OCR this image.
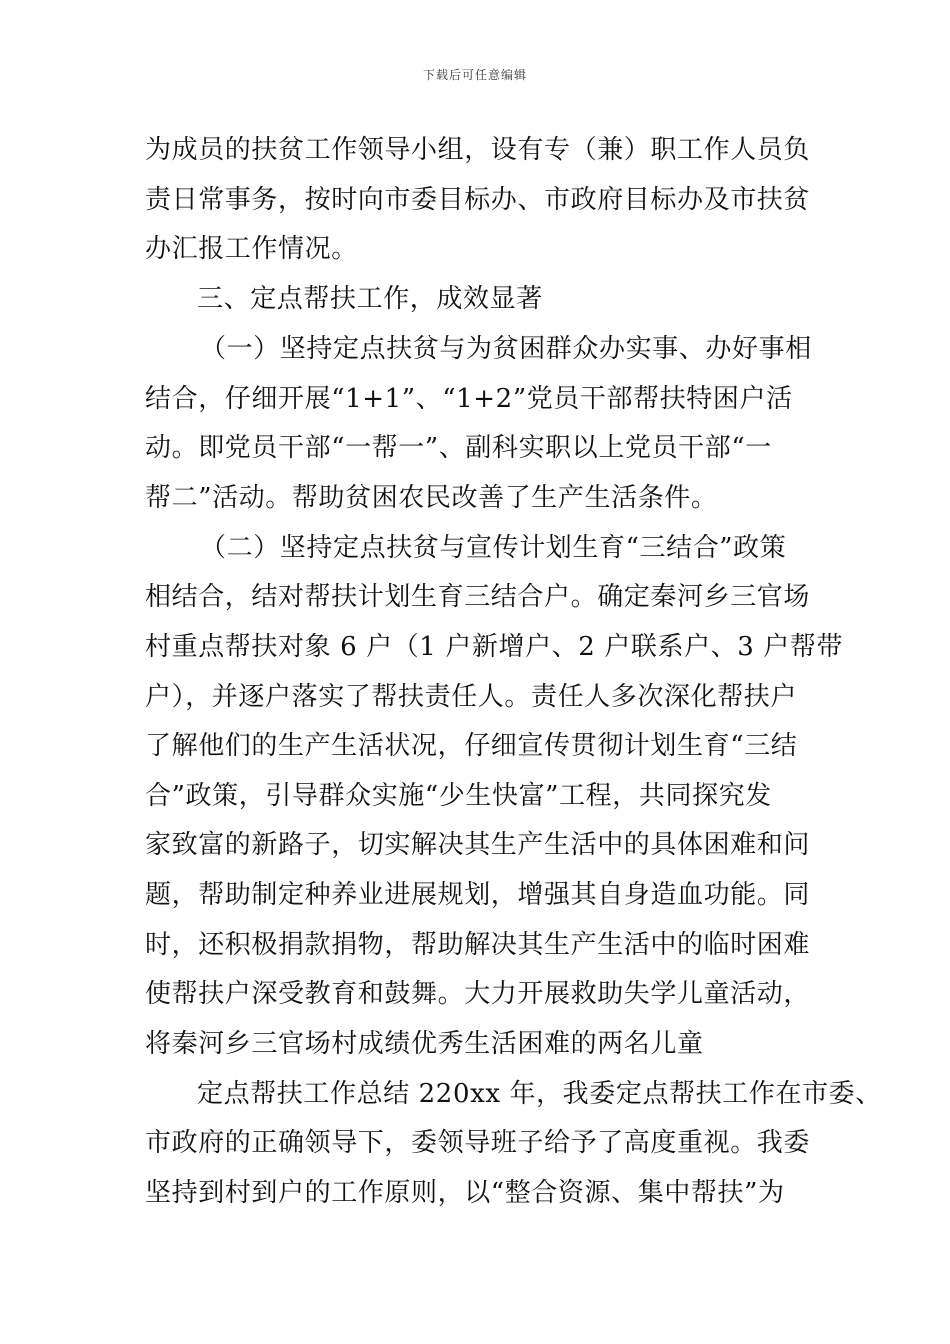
下载后可任意编辑
为成员的扶贫工作领导小组，设有专（兼）职工作人员负
责日常事务，按时向市委目标办、市政府目标办及市扶贫
办汇报工作情况。
三、定点帮扶工作，成效显著
（一）坚持定点扶贫与为贫困群众办实事、办好事相
结合，仔细开展“1+1”、“1+2”党员干部帮扶特困户活
动。即党员干部“一帮一”、副科实职以上党员干部“一
帮二”活动。帮助贫困农民改善了生产生活条件。
（二）坚持定点扶贫与宣传计划生育“三结合”政策
相结合，结对帮扶计划生育三结合户。确定秦河乡三官场
村重点帮扶对象 6 户（1 户新增户、2 户联系户、3 户帮带
户），并逐户落实了帮扶责任人。责任人多次深化帮扶户
了解他们的生产生活状况，仔细宣传贯彻计划生育“三结
合”政策，引导群众实施“少生快富”工程，共同探究发
家致富的新路子，切实解决其生产生活中的具体困难和问
题，帮助制定种养业进展规划，增强其自身造血功能。同
时，还积极捐款捐物，帮助解决其生产生活中的临时困难
使帮扶户深受教育和鼓舞。大力开展救助失学儿童活动，
将秦河乡三官场村成绩优秀生活困难的两名儿童
定点帮扶工作总结 220xx 年，我委定点帮扶工作在市委、
市政府的正确领导下，委领导班子给予了高度重视。我委
坚持到村到户的工作原则，以“整合资源、集中帮扶”为
